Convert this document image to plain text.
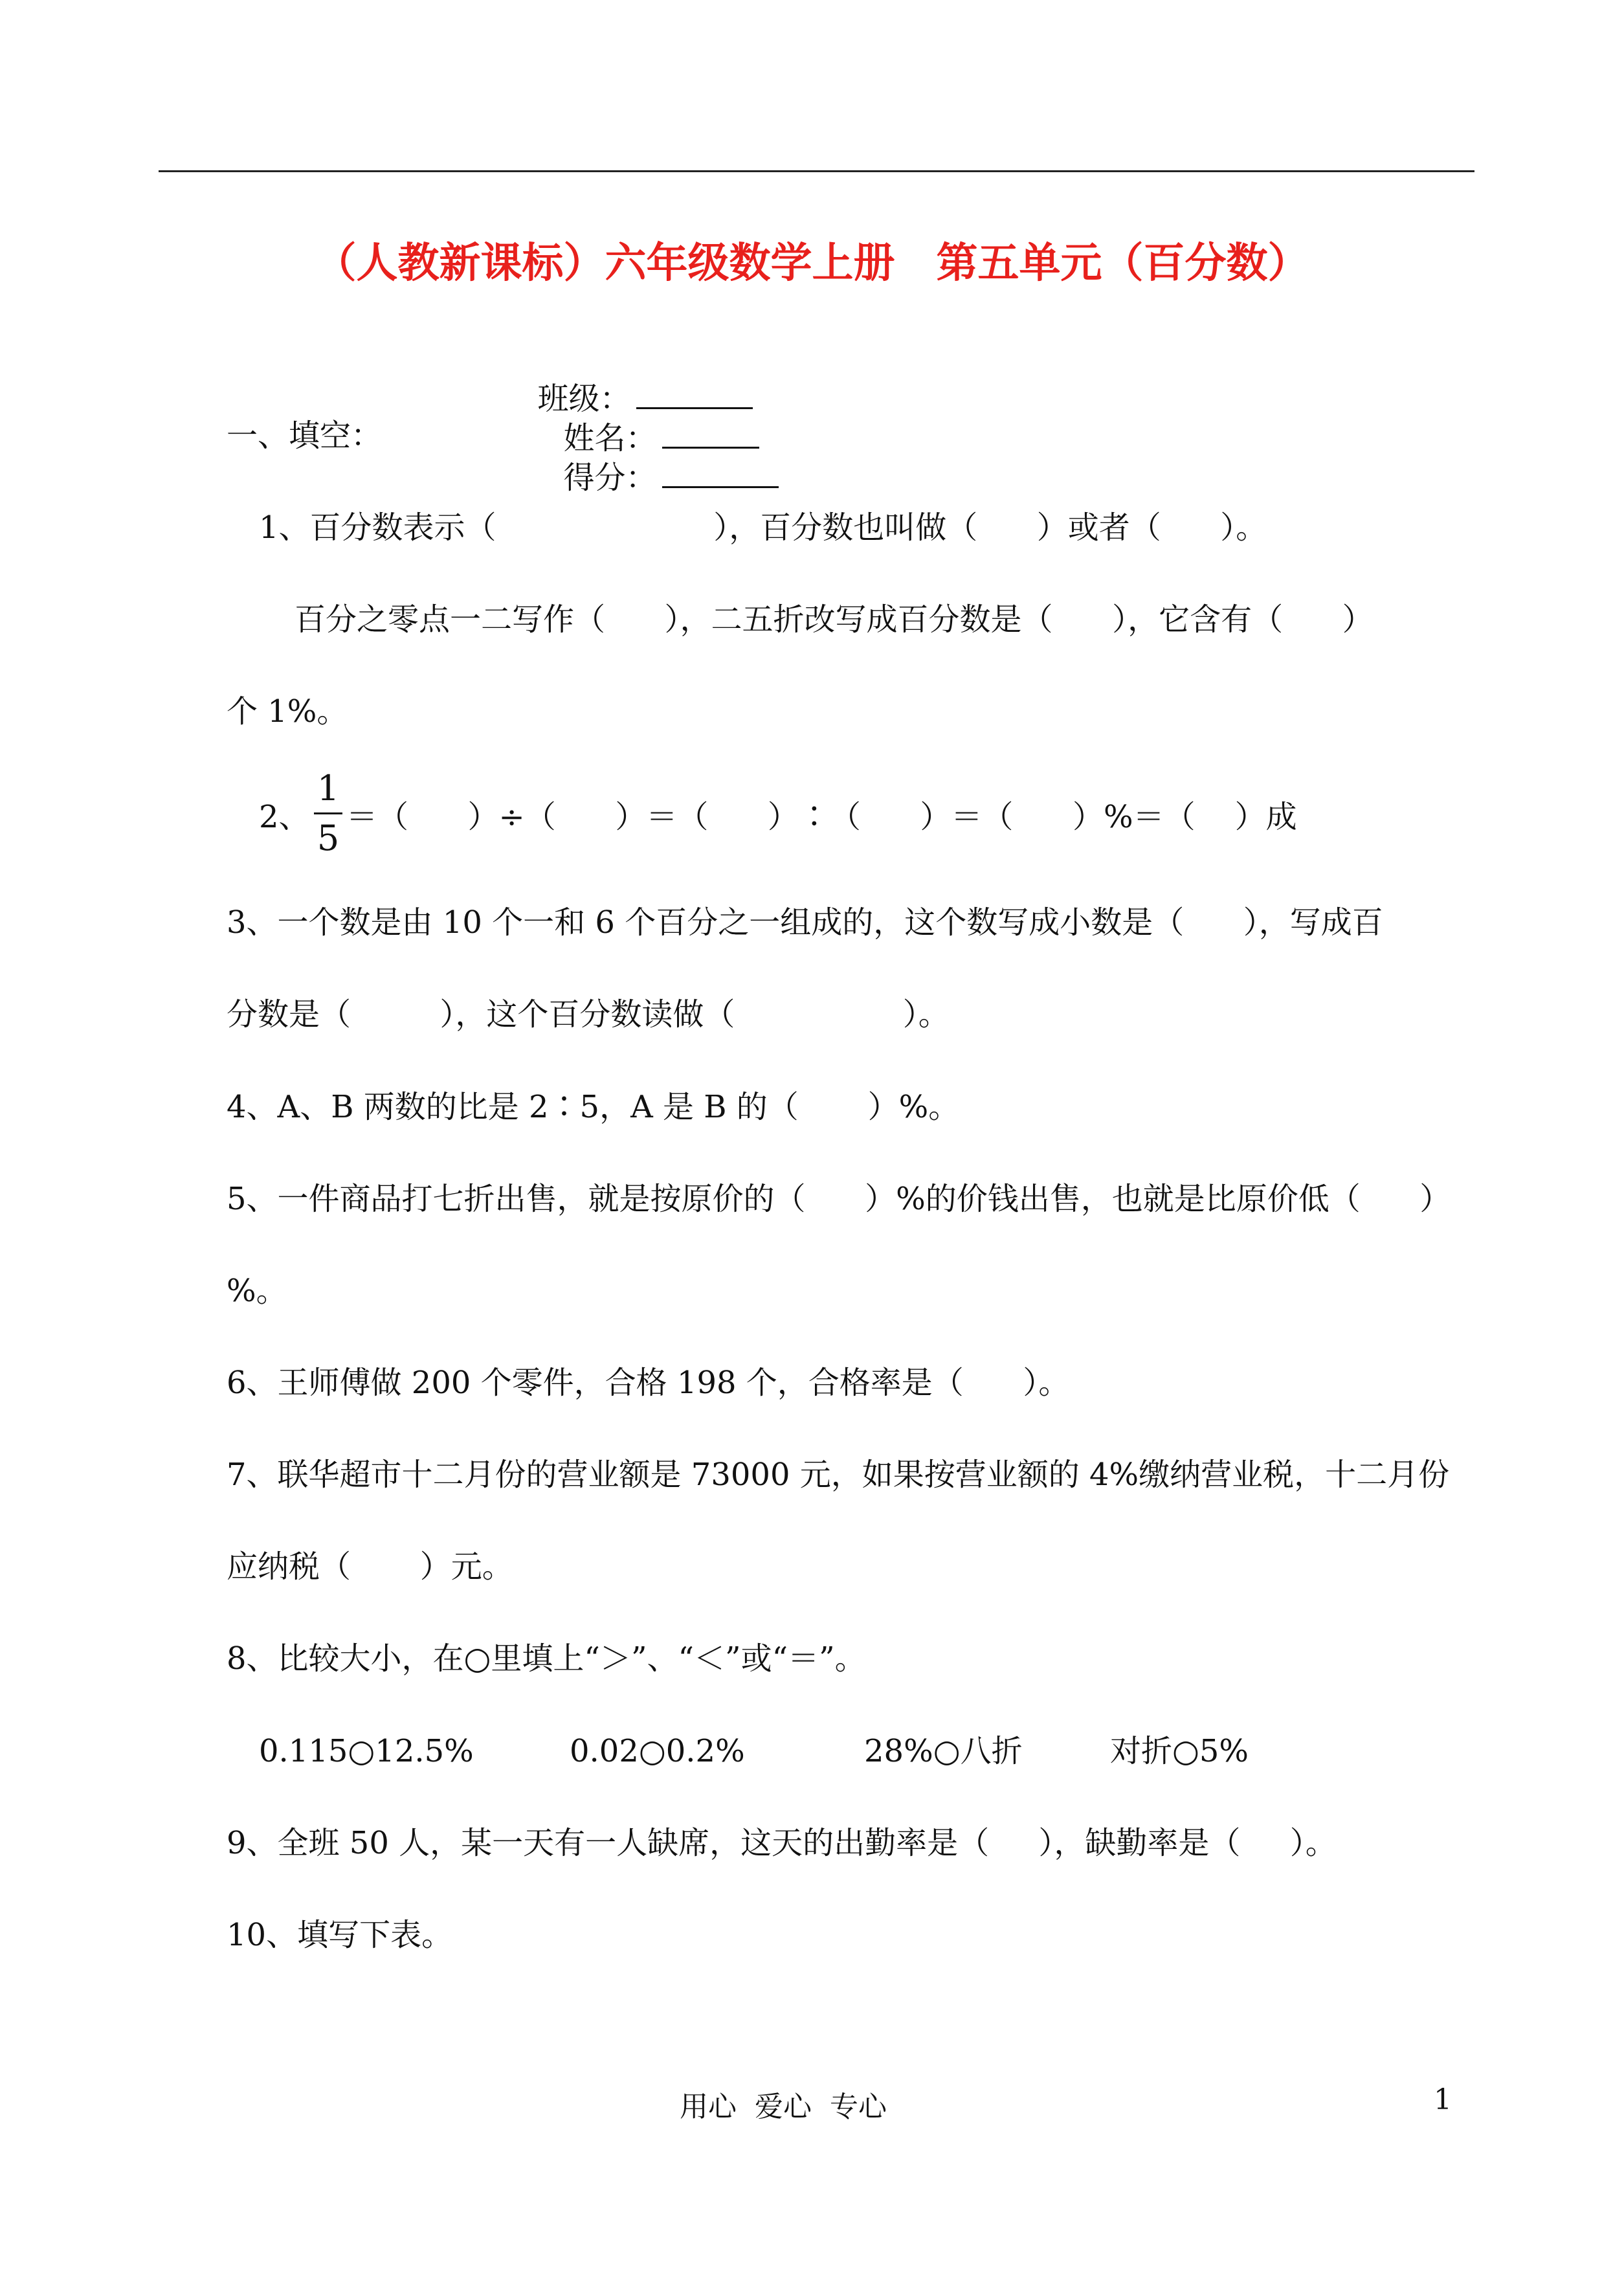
（人教新课标）六年级数学上册　第五单元（百分数）

班级：
姓名：
得分：

一、填空：
1、百分数表示（                      ），百分数也叫做（      ）或者（      ）。
百分之零点一二写作（      ），二五折改写成百分数是（      ），它含有（      ）
个 1%。
2、
1
5
＝（      ）÷（      ）＝（      ）∶（      ）＝（      ）%＝（    ）成
3、一个数是由 10 个一和 6 个百分之一组成的，这个数写成小数是（      ），写成百
分数是（         ），这个百分数读做（                 ）。
4、A、B 两数的比是 2∶5，A 是 B 的（       ）%。
5、一件商品打七折出售，就是按原价的（      ）%的价钱出售，也就是比原价低（      ）
%。
6、王师傅做 200 个零件，合格 198 个，合格率是（      ）。
7、联华超市十二月份的营业额是 73000 元，如果按营业额的 4%缴纳营业税，十二月份
应纳税（       ）元。
8、比较大小，在○里填上“＞”、“＜”或“＝”。
0.115○12.5%	0.02○0.2%	28%○八折	对折○5%
9、全班 50 人，某一天有一人缺席，这天的出勤率是（     ），缺勤率是（     ）。
10、填写下表。
用心  爱心  专心	1
